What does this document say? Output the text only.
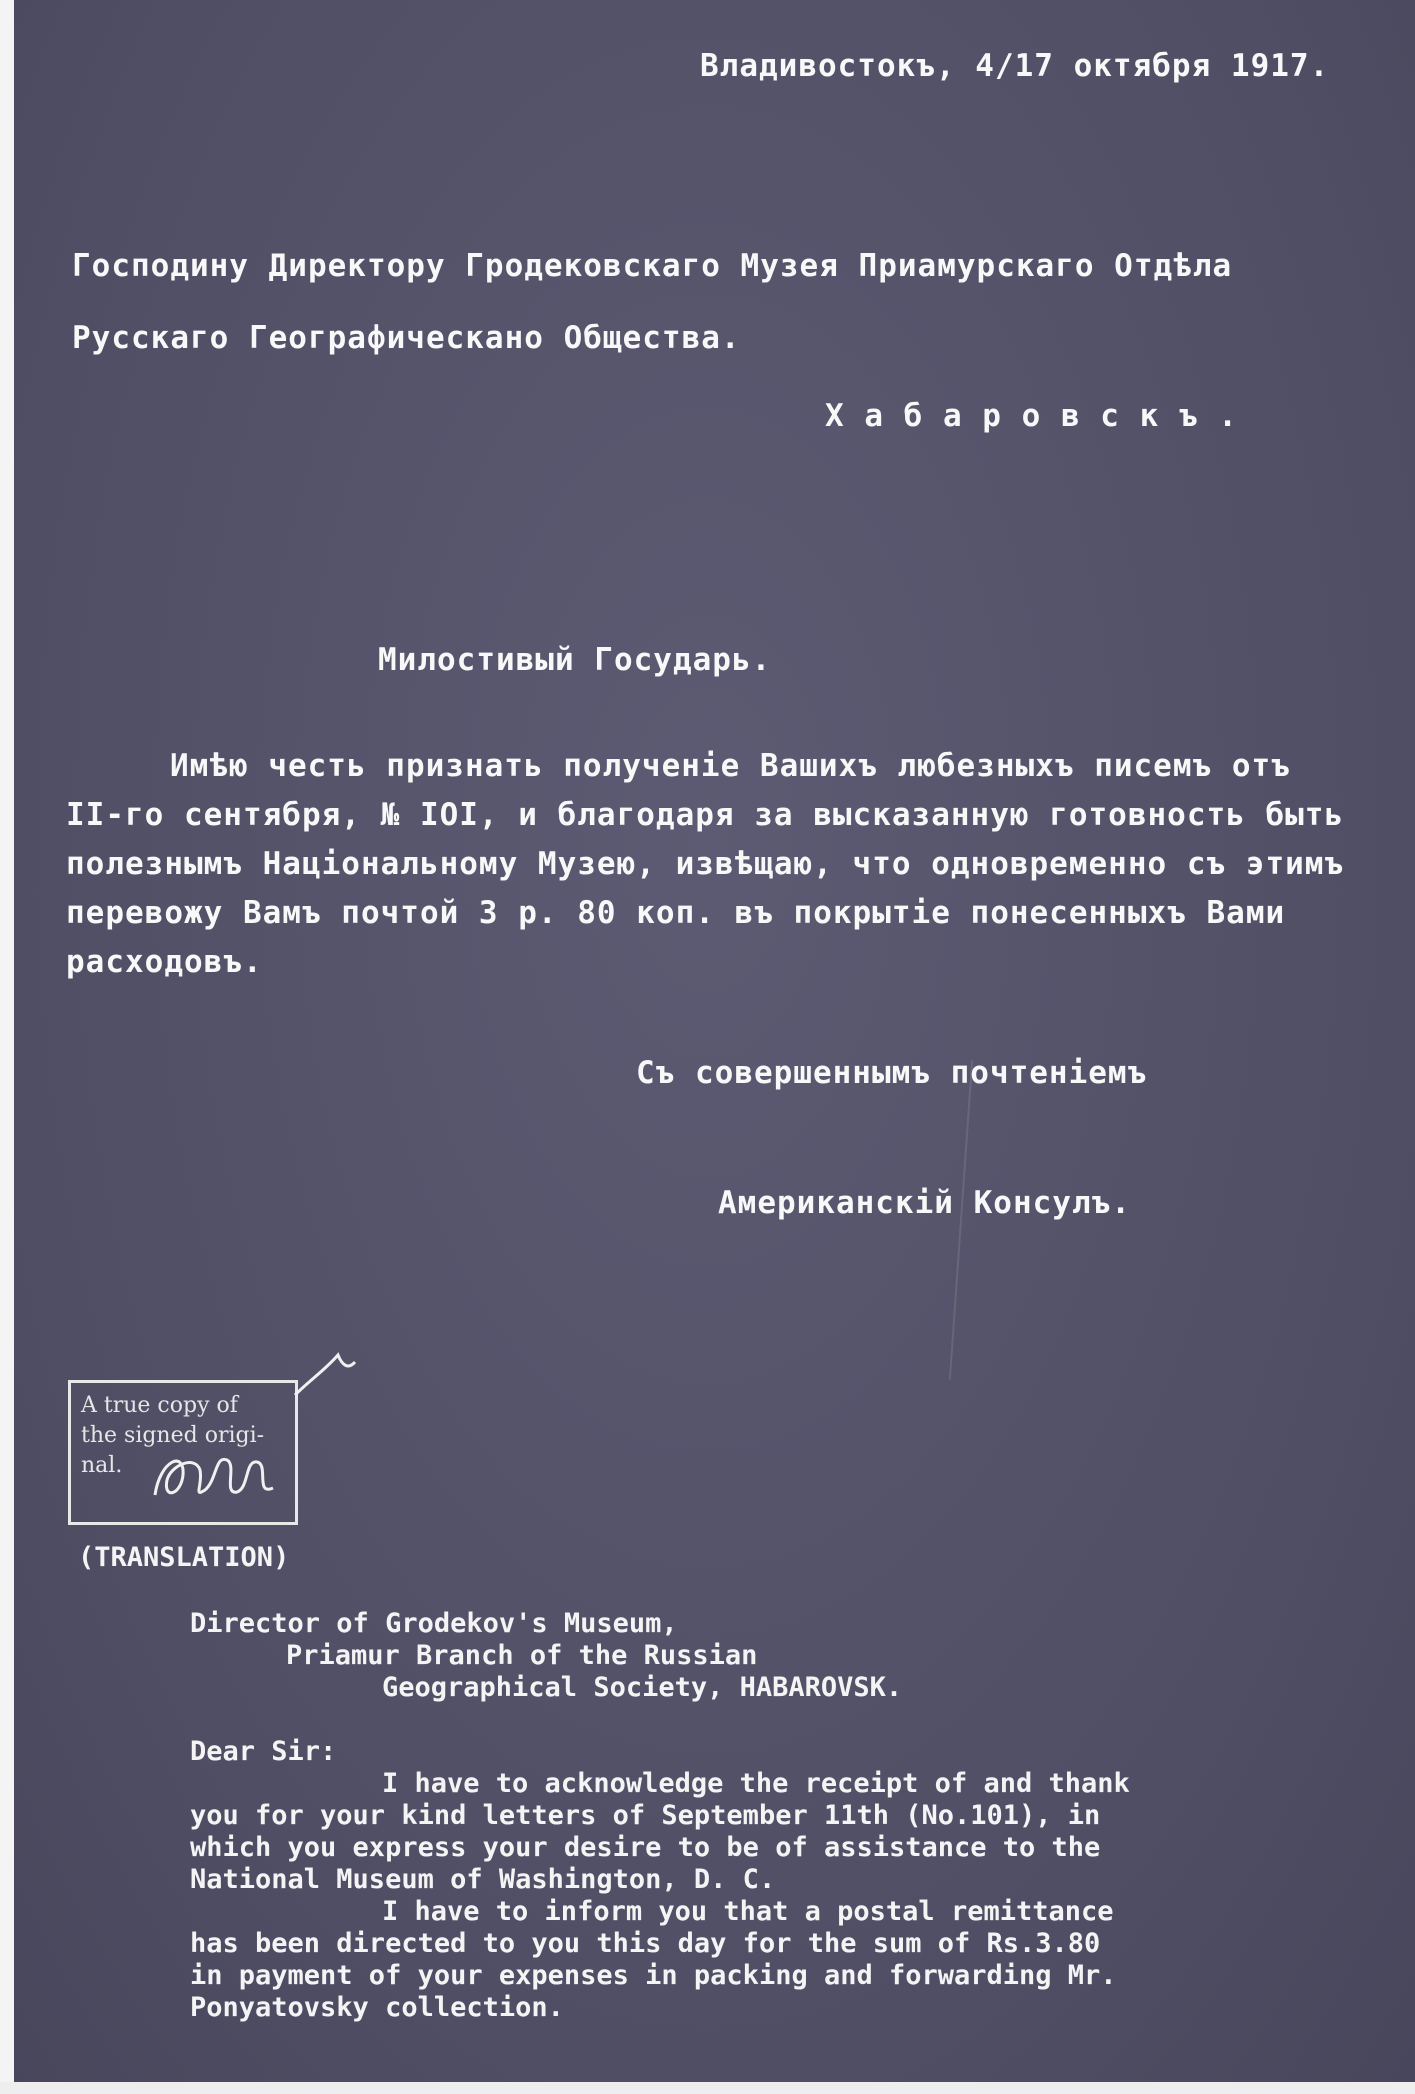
Владивостокъ, 4/17 октября 1917.
Господину Директору Гродековскаго Музея Приамурскаго Отдѣла
Русскаго Географическано Общества.
Х а б а р о в с к ъ .
Милостивый Государь.

Имѣю честь признать полученіе Вашихъ любезныхъ писемъ отъ II-го сентября, № IOI, и благодаря за высказанную готовность быть полезнымъ Національному Музею, извѣщаю, что одновременно съ этимъ перевожу Вамъ почтой 3 р. 80 коп. въ покрытіе понесенныхъ Вами расходовъ.

Съ совершеннымъ почтеніемъ
Американскій Консулъ.
A true copy of
the signed origi-
nal.
(TRANSLATION)
Director of Grodekov's Museum,
Priamur Branch of the Russian
Geographical Society, HABAROVSK.
Dear Sir:
I have to acknowledge the receipt of and thank
you for your kind letters of September 11th (No.101), in
which you express your desire to be of assistance to the
National Museum of Washington, D. C.
I have to inform you that a postal remittance
has been directed to you this day for the sum of Rs.3.80
in payment of your expenses in packing and forwarding Mr.
Ponyatovsky collection.
